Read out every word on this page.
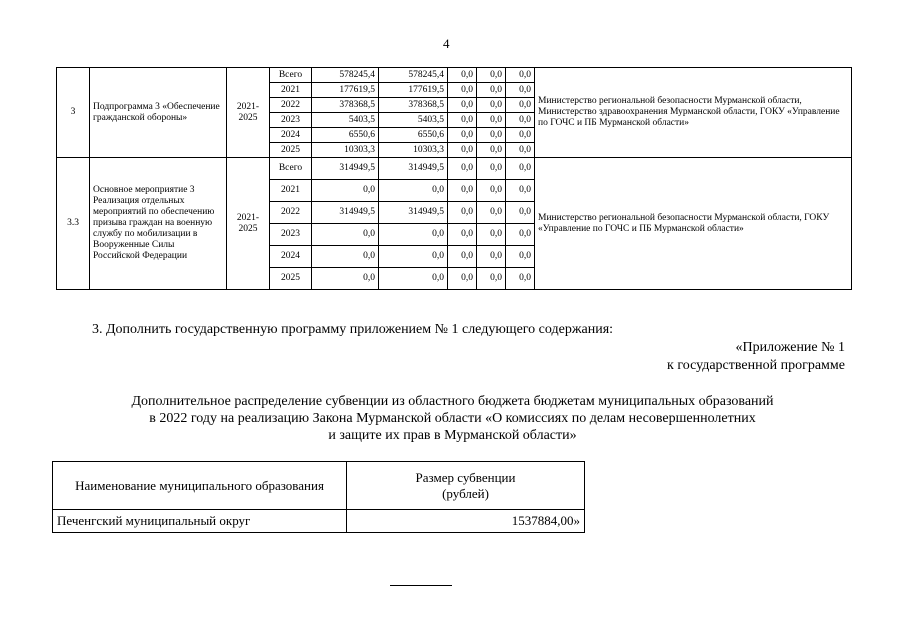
4
3	Подпрограмма 3 «Обеспечение гражданской обороны»	2021-2025	Всего	578245,4	578245,4	0,0	0,0	0,0	Министерство региональной безопасности Мурманской области, Министерство здравоохранения Мурманской области, ГОКУ «Управление по ГОЧС и ПБ Мурманской области»
			2021	177619,5	177619,5	0,0	0,0	0,0	
			2022	378368,5	378368,5	0,0	0,0	0,0	
			2023	5403,5	5403,5	0,0	0,0	0,0	
			2024	6550,6	6550,6	0,0	0,0	0,0	
			2025	10303,3	10303,3	0,0	0,0	0,0	
3.3	Основное мероприятие 3 Реализация отдельных мероприятий по обеспечению призыва граждан на военную службу по мобилизации в Вооруженные Силы Российской Федерации	2021-2025	Всего	314949,5	314949,5	0,0	0,0	0,0	Министерство региональной безопасности Мурманской области, ГОКУ «Управление по ГОЧС и ПБ Мурманской области»
			2021	0,0	0,0	0,0	0,0	0,0	
			2022	314949,5	314949,5	0,0	0,0	0,0	
			2023	0,0	0,0	0,0	0,0	0,0	
			2024	0,0	0,0	0,0	0,0	0,0	
			2025	0,0	0,0	0,0	0,0	0,0	
3. Дополнить государственную программу приложением № 1 следующего содержания:
«Приложение № 1
к государственной программе
Дополнительное распределение субвенции из областного бюджета бюджетам муниципальных образований
в 2022 году на реализацию Закона Мурманской области «О комиссиях по делам несовершеннолетних
и защите их прав в Мурманской области»
Наименование муниципального образования	Размер субвенции
(рублей)

Печенгский муниципальный округ	1537884,00»
